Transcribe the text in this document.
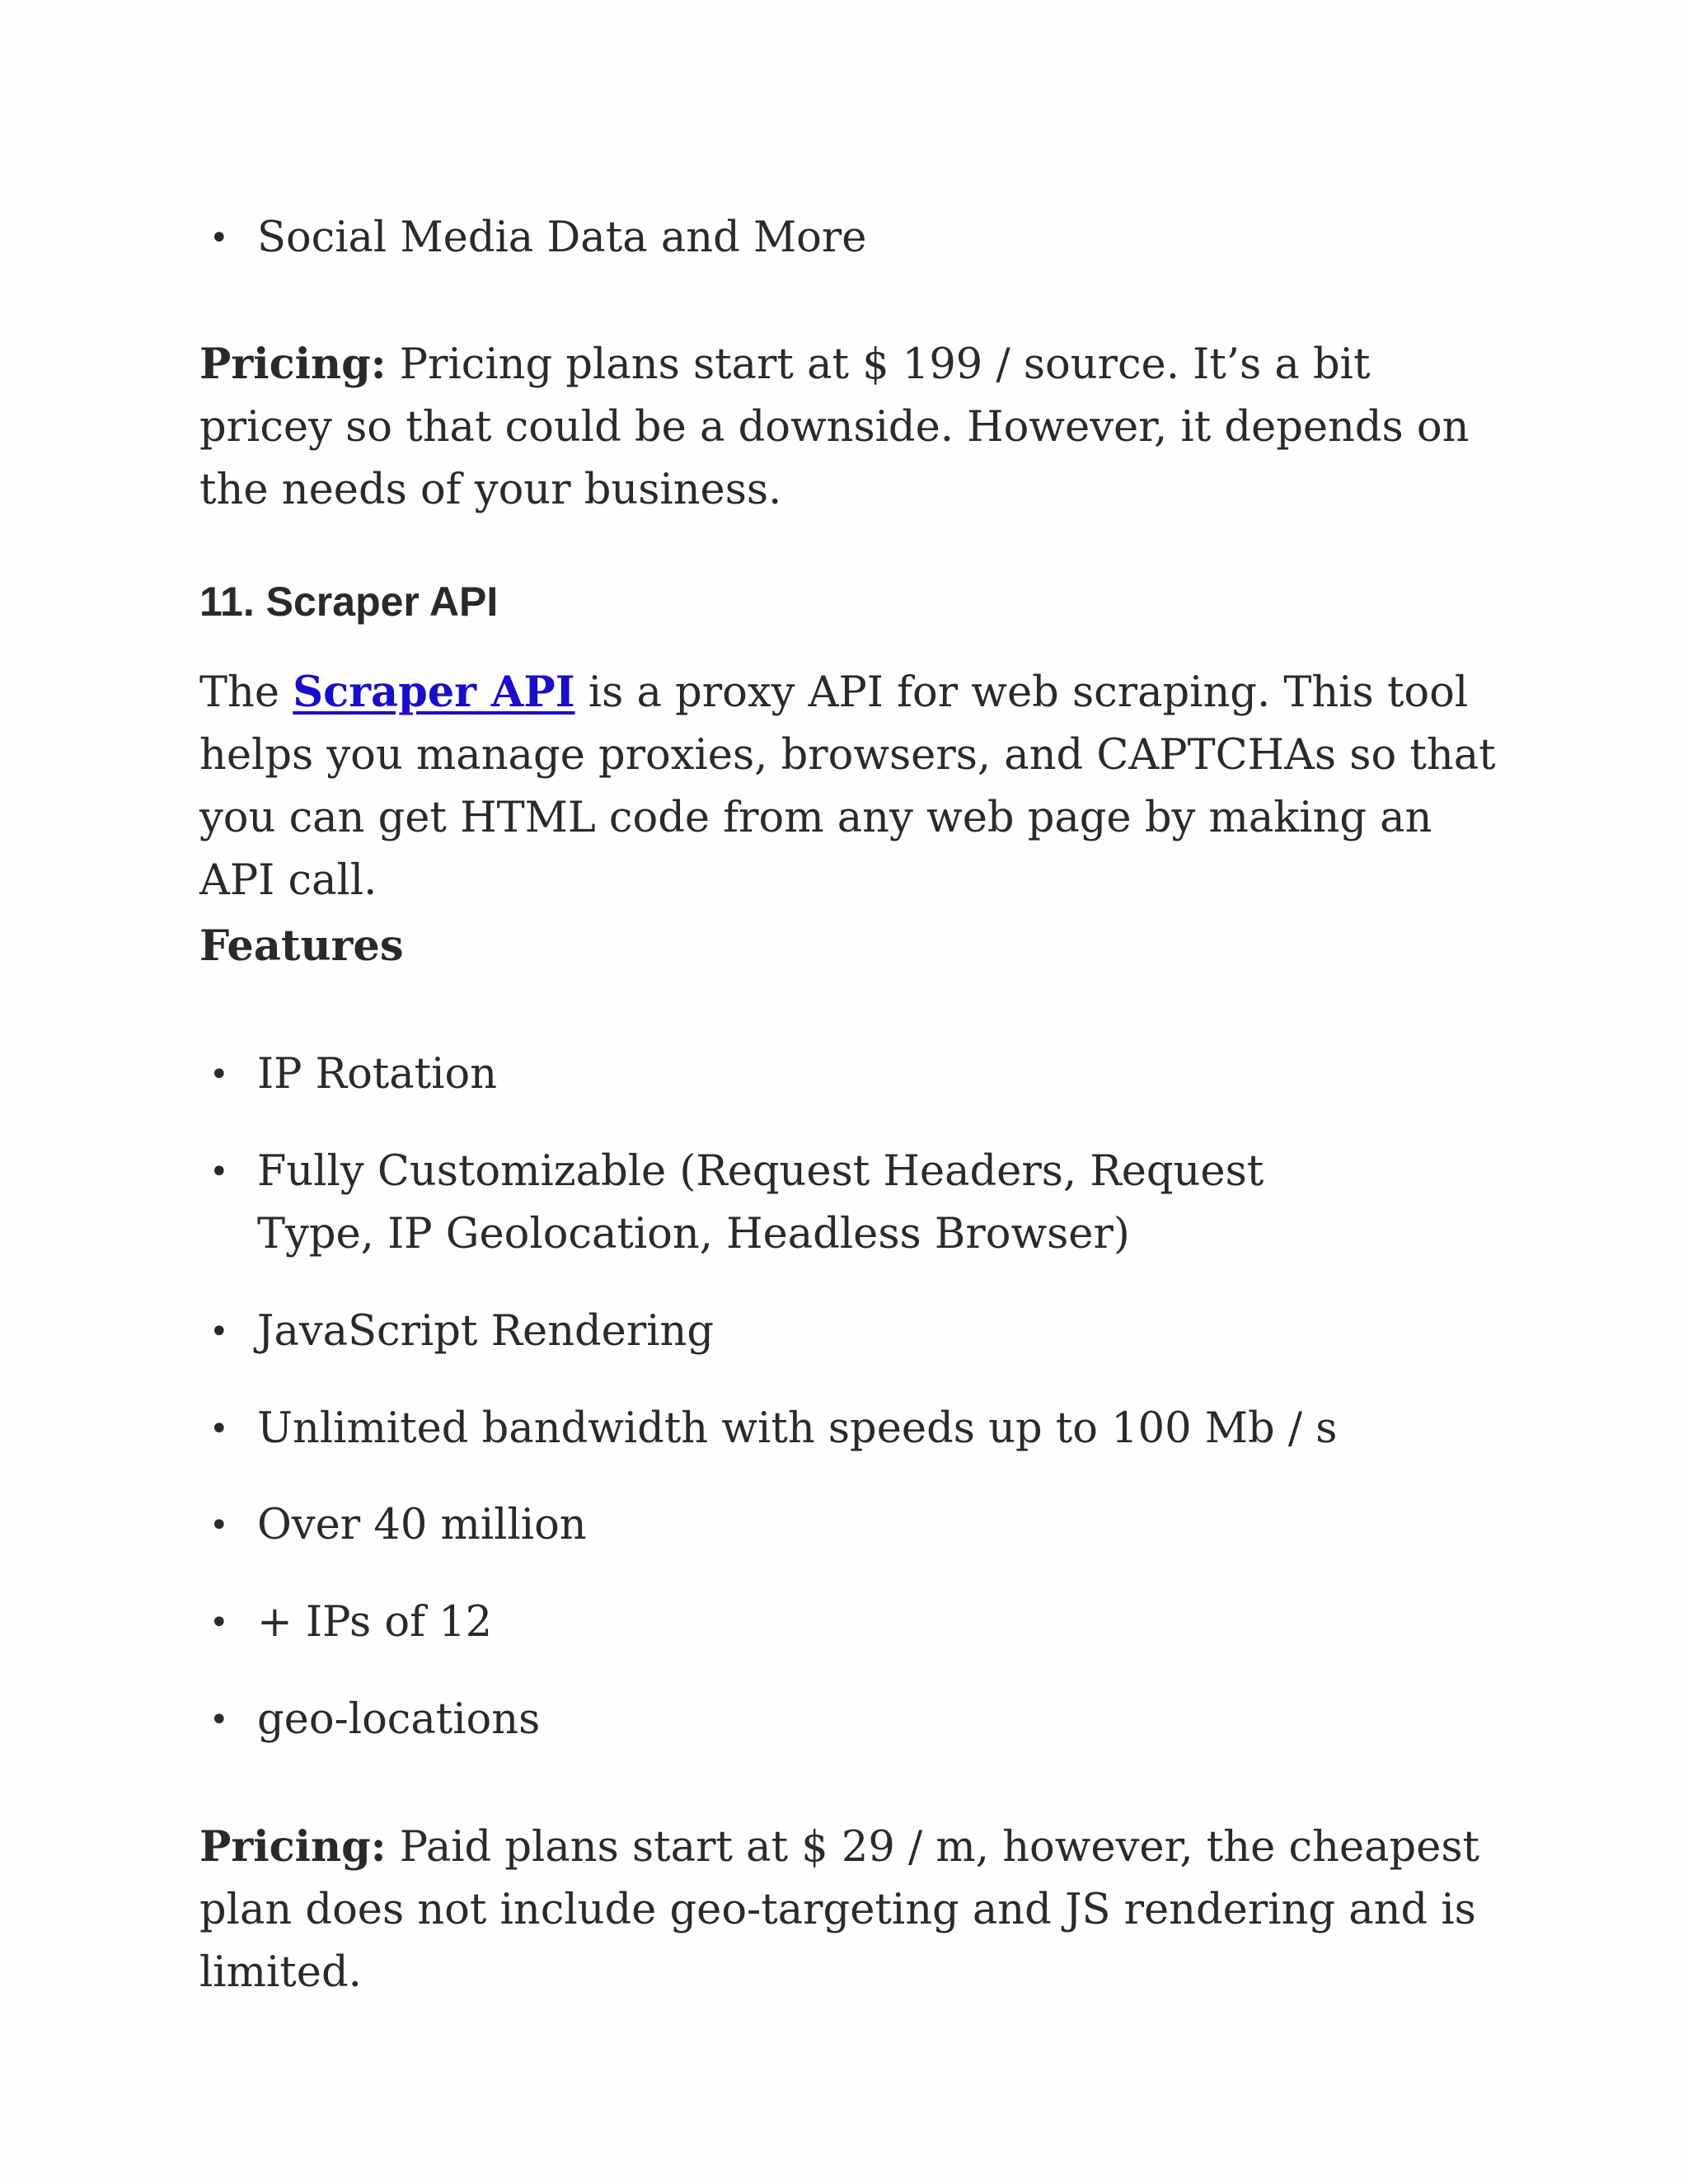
• Social Media Data and More

Pricing: Pricing plans start at $ 199 / source. It’s a bit pricey so that could be a downside. However, it depends on the needs of your business.

11. Scraper API

The Scraper API is a proxy API for web scraping. This tool helps you manage proxies, browsers, and CAPTCHAs so that you can get HTML code from any web page by making an API call.

Features
• IP Rotation
• Fully Customizable (Request Headers, Request Type, IP Geolocation, Headless Browser)
• JavaScript Rendering
• Unlimited bandwidth with speeds up to 100 Mb / s
• Over 40 million
• + IPs of 12
• geo-locations

Pricing: Paid plans start at $ 29 / m, however, the cheapest plan does not include geo-targeting and JS rendering and is limited.
